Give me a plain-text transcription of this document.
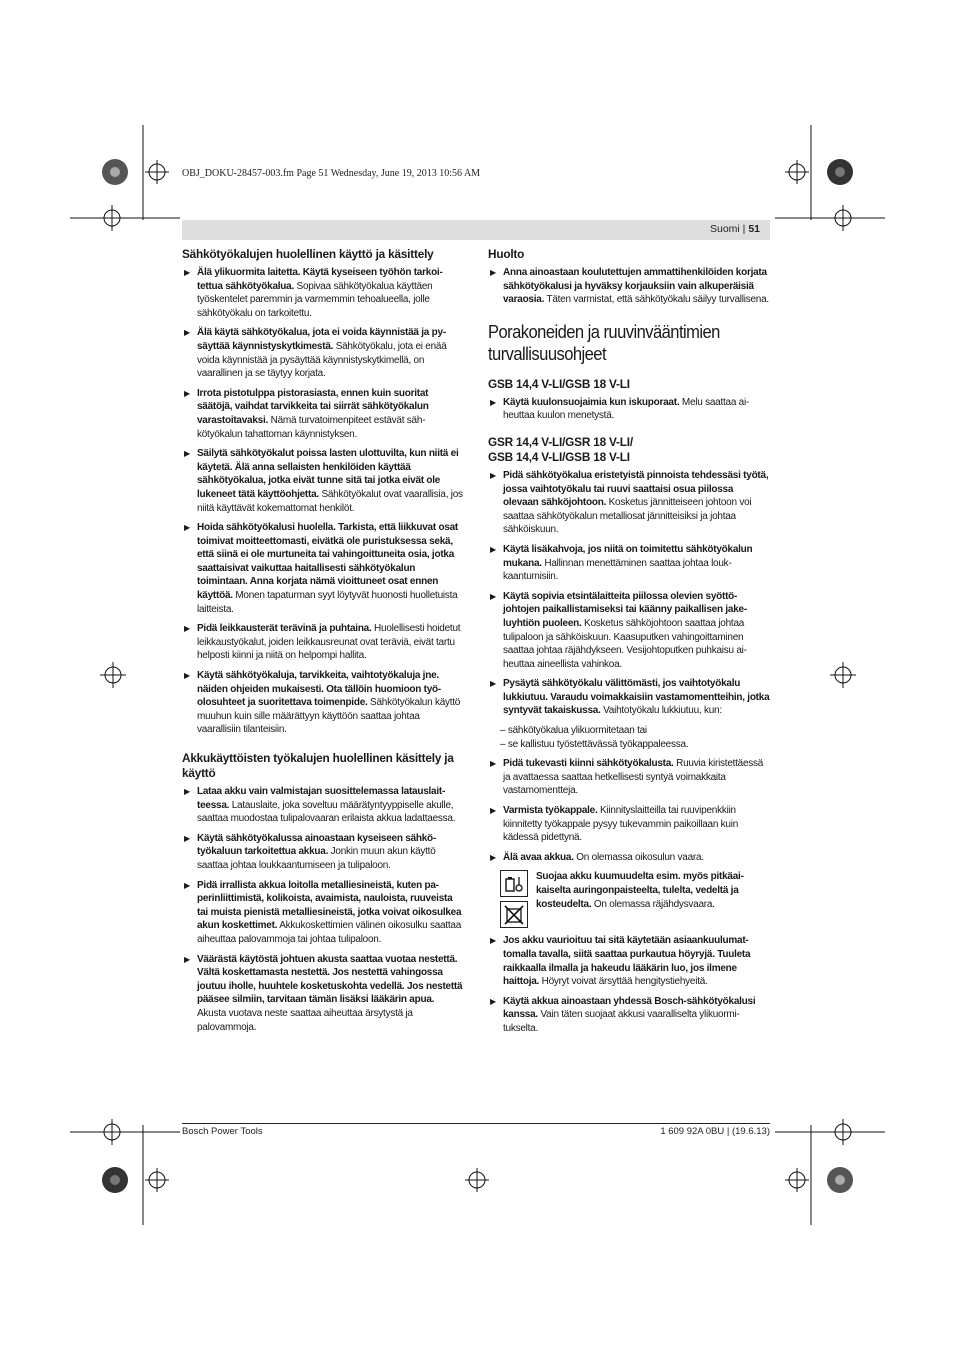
OBJ_DOKU-28457-003.fm Page 51 Wednesday, June 19, 2013 10:56 AM
Suomi | 51
Sähkötyökalujen huolellinen käyttö ja käsittely
▶ Älä ylikuormita laitetta. Käytä kyseiseen työhön tarkoitettua sähkötyökalua. Sopivaa sähkötyökalua käyttäen työskentelet paremmin ja varmemmin tehoalueella, jolle sähkötyökalu on tarkoitettu.
▶ Älä käytä sähkötyökalua, jota ei voida käynnistää ja pysäyttää käynnistyskytkimestä. Sähkötyökalu, jota ei enää voida käynnistää ja pysäyttää käynnistyskytkimellä, on vaarallinen ja se täytyy korjata.
▶ Irrota pistotulppa pistorasiasta, ennen kuin suoritat säätöjä, vaihdat tarvikkeita tai siirrät sähkötyökalun varastoitavaksi. Nämä turvatoimenpiteet estävät sähkötyökalun tahattoman käynnistyksen.
▶ Säilytä sähkötyökalut poissa lasten ulottuvilta, kun niitä ei käytetä. Älä anna sellaisten henkilöiden käyttää sähkötyökalua, jotka eivät tunne sitä tai jotka eivät ole lukeneet tätä käyttöohjetta. Sähkötyökalut ovat vaarallisia, jos niitä käyttävät kokemattomat henkilöt.
▶ Hoida sähkötyökalusi huolella. Tarkista, että liikkuvat osat toimivat moitteettomasti, eivätkä ole puristuksessa sekä, että siinä ei ole murtuneita tai vahingoittuneita osia, jotka saattaisivat vaikuttaa haitallisesti sähkötyökalun toimintaan. Anna korjata nämä vioittuneet osat ennen käyttöä. Monen tapaturman syyt löytyvät huonosti huolletuista laitteista.
▶ Pidä leikkausterät terävinä ja puhtaina. Huolellisesti hoidetut leikkaustyökalut, joiden leikkausreunat ovat teräviä, eivät tartu helposti kiinni ja niitä on helpompi hallita.
▶ Käytä sähkötyökaluja, tarvikkeita, vaihtotyökaluja jne. näiden ohjeiden mukaisesti. Ota tällöin huomioon työolosuhteet ja suoritettava toimenpide. Sähkötyökalun käyttö muuhun kuin sille määrättyyn käyttöön saattaa johtaa vaarallisiin tilanteisiin.
Akkukäyttöisten työkalujen huolellinen käsittely ja käyttö
▶ Lataa akku vain valmistajan suosittelemassa latauslaitteessa. Latauslaite, joka soveltuu määrätyntyyppiselle akulle, saattaa muodostaa tulipalovaaran erilaista akkua ladattaessa.
▶ Käytä sähkötyökalussa ainoastaan kyseiseen sähkötyökaluun tarkoitettua akkua. Jonkin muun akun käyttö saattaa johtaa loukkaantumiseen ja tulipaloon.
▶ Pidä irrallista akkua loitolla metalliesineistä, kuten paperinliittimistä, kolikoista, avaimista, nauloista, ruuveista tai muista pienistä metalliesineistä, jotka voivat oikosulkea akun koskettimet. Akkukoskettimien välinen oikosulku saattaa aiheuttaa palovammoja tai johtaa tulipaloon.
▶ Väärästä käytöstä johtuen akusta saattaa vuotaa nestettä. Vältä koskettamasta nestettä. Jos nestettä vahingossa joutuu iholle, huuhtele kosketuskohta vedellä. Jos nestettä pääsee silmiin, tarvitaan tämän lisäksi lääkärin apua. Akusta vuotava neste saattaa aiheuttaa ärsytystä ja palovammoja.
Huolto
▶ Anna ainoastaan koulutettujen ammattihenkilöiden korjata sähkötyökalusi ja hyväksy korjauksiin vain alkuperäisiä varaosia. Täten varmistat, että sähkötyökalu säilyy turvallisena.
Porakoneiden ja ruuvinvääntimien turvallisuusohjeet
GSB 14,4 V-LI/GSB 18 V-LI
▶ Käytä kuulonsuojaimia kun iskuporaat. Melu saattaa aiheuttaa kuulon menetystä.
GSR 14,4 V-LI/GSR 18 V-LI/
GSB 14,4 V-LI/GSB 18 V-LI
▶ Pidä sähkötyökalua eristetyistä pinnoista tehdessäsi työtä, jossa vaihtotyökalu tai ruuvi saattaisi osua piilossa olevaan sähköjohtoon. Kosketus jännitteiseen johtoon voi saattaa sähkötyökalun metalliosat jännitteisiksi ja johtaa sähköiskuun.
▶ Käytä lisäkahvoja, jos niitä on toimitettu sähkötyökalun mukana. Hallinnan menettäminen saattaa johtaa loukkaantumisiin.
▶ Käytä sopivia etsintälaitteita piilossa olevien syöttöjohtojen paikallistamiseksi tai käänny paikallisen jakeluyhtiön puoleen. Kosketus sähköjohtoon saattaa johtaa tulipaloon ja sähköiskuun. Kaasuputken vahingoittaminen saattaa johtaa räjähdykseen. Vesijohtoputken puhkaisu aiheuttaa aineellista vahinkoa.
▶ Pysäytä sähkötyökalu välittömästi, jos vaihtotyökalu lukkiutuu. Varaudu voimakkaisiin vastamomentteihin, jotka syntyvät takaiskussa. Vaihtotyökalu lukkiutuu, kun:
– sähkötyökalua ylikuormitetaan tai
– se kallistuu työstettävässä työkappaleessa.
▶ Pidä tukevasti kiinni sähkötyökalusta. Ruuvia kiristettäessä ja avattaessa saattaa hetkellisesti syntyä voimakkaita vastamomentteja.
▶ Varmista työkappale. Kiinnityslaitteilla tai ruuvipenkkiin kiinnitetty työkappale pysyy tukevammin paikoillaan kuin kädessä pidettynä.
▶ Älä avaa akkua. On olemassa oikosulun vaara.
Suojaa akku kuumuudelta esim. myös pitkäaikaiselta auringonpaisteelta, tulelta, vedeltä ja kosteudelta. On olemassa räjähdysvaara.
▶ Jos akku vaurioituu tai sitä käytetään asiaankuulumattomalla tavalla, siitä saattaa purkautua höyryjä. Tuuleta raikkaalla ilmalla ja hakeudu lääkärin luo, jos ilmene haittoja. Höyryt voivat ärsyttää hengitystiehyeitä.
▶ Käytä akkua ainoastaan yhdessä Bosch-sähkötyökalusi kanssa. Vain täten suojaat akkusi vaaralliselta ylikuormitukselta.
Bosch Power Tools	1 609 92A 0BU | (19.6.13)
